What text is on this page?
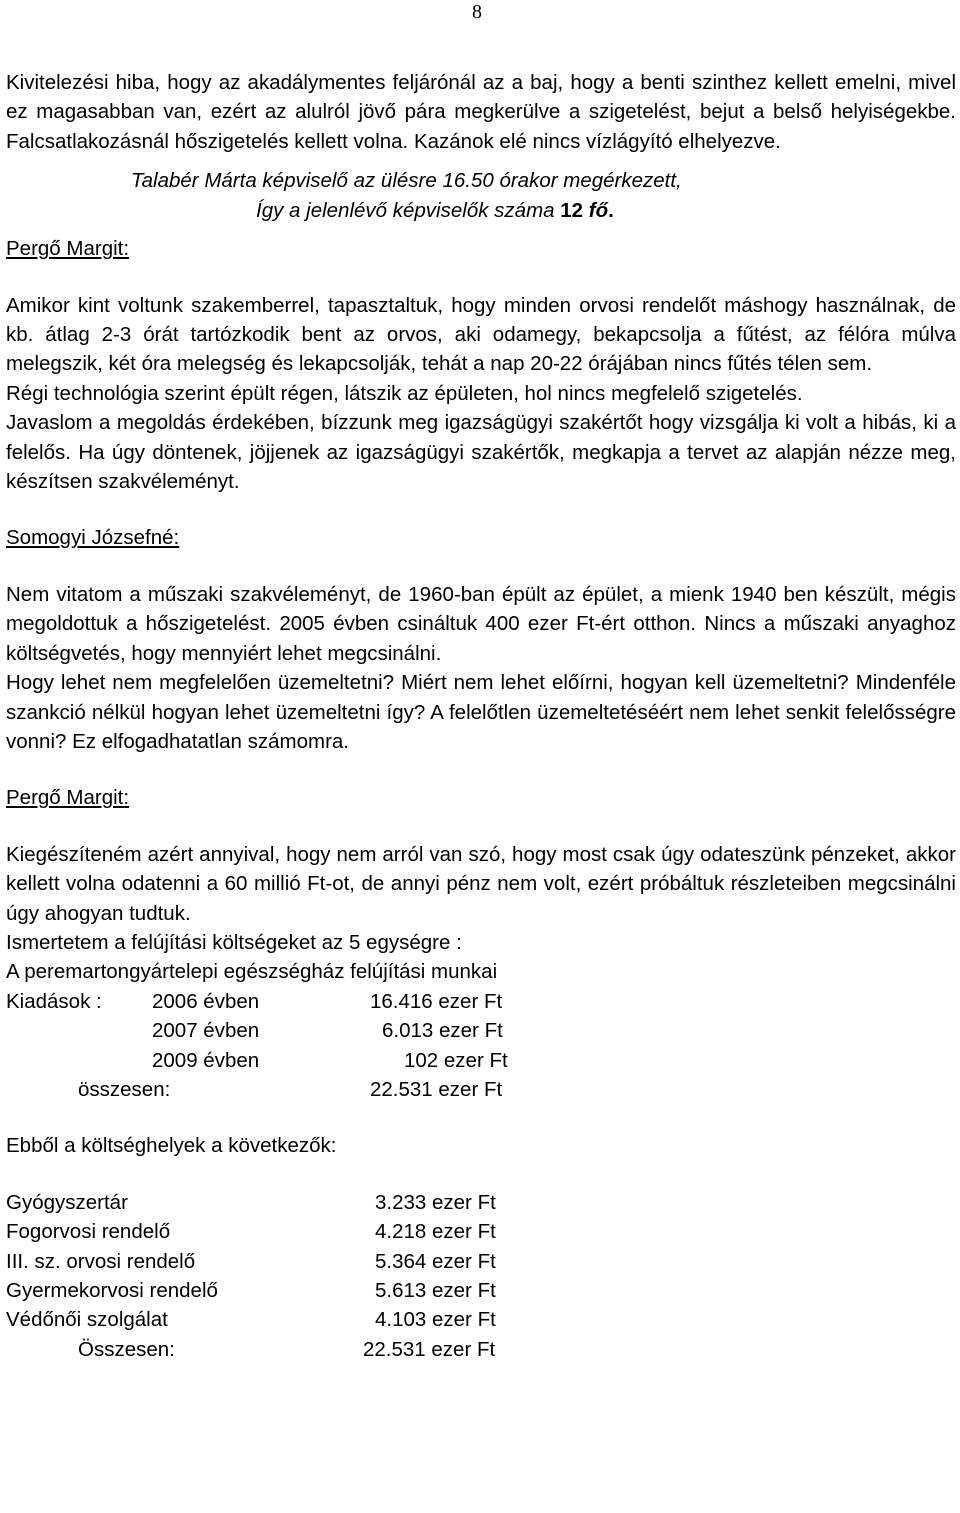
8

Kivitelezési hiba, hogy az akadálymentes feljárónál az a baj, hogy a benti szinthez kellett emelni, mivel ez magasabban van, ezért az alulról jövő pára megkerülve a szigetelést, bejut a belső helyiségekbe. Falcsatlakozásnál hőszigetelés kellett volna. Kazánok elé nincs vízlágyító elhelyezve.

Talabér Márta képviselő az ülésre 16.50 órakor megérkezett,
Így a jelenlévő képviselők száma 12 fő.

Pergő Margit:

Amikor kint voltunk szakemberrel, tapasztaltuk, hogy minden orvosi rendelőt máshogy használnak, de kb. átlag 2-3 órát tartózkodik bent az orvos, aki odamegy, bekapcsolja a fűtést, az félóra múlva melegszik, két óra melegség és lekapcsolják, tehát a nap 20-22 órájában nincs fűtés télen sem.

Régi technológia szerint épült régen, látszik az épületen, hol nincs megfelelő szigetelés.

Javaslom a megoldás érdekében, bízzunk meg igazságügyi szakértőt hogy vizsgálja ki volt a hibás, ki a felelős. Ha úgy döntenek, jöjjenek az igazságügyi szakértők, megkapja a tervet az alapján nézze meg, készítsen szakvéleményt.

Somogyi Józsefné:

Nem vitatom a műszaki szakvéleményt, de 1960-ban épült az épület, a mienk 1940 ben készült, mégis megoldottuk a hőszigetelést. 2005 évben csináltuk 400 ezer Ft-ért otthon. Nincs a műszaki anyaghoz költségvetés, hogy mennyiért lehet megcsinálni.

Hogy lehet nem megfelelően üzemeltetni? Miért nem lehet előírni, hogyan kell üzemeltetni? Mindenféle szankció nélkül hogyan lehet üzemeltetni így? A felelőtlen üzemeltetéséért nem lehet senkit felelősségre vonni? Ez elfogadhatatlan számomra.

Pergő Margit:

Kiegészíteném azért annyival, hogy nem arról van szó, hogy most csak úgy odateszünk pénzeket, akkor kellett volna odatenni a 60 millió Ft-ot, de annyi pénz nem volt, ezért próbáltuk részleteiben megcsinálni úgy ahogyan tudtuk.

Ismertetem a felújítási költségeket az 5 egységre :

A peremartongyártelepi egészségház felújítási munkai

Kiadások : 2006 évben	16.416 ezer Ft
2007 évben	6.013 ezer Ft
2009 évben	102 ezer Ft
összesen:	22.531 ezer Ft

Ebből a költséghelyek a következők:

Gyógyszertár	3.233 ezer Ft
Fogorvosi rendelő	4.218 ezer Ft
III. sz. orvosi rendelő	5.364 ezer Ft
Gyermekorvosi rendelő	5.613 ezer Ft
Védőnői szolgálat	4.103 ezer Ft
Összesen:	22.531 ezer Ft
